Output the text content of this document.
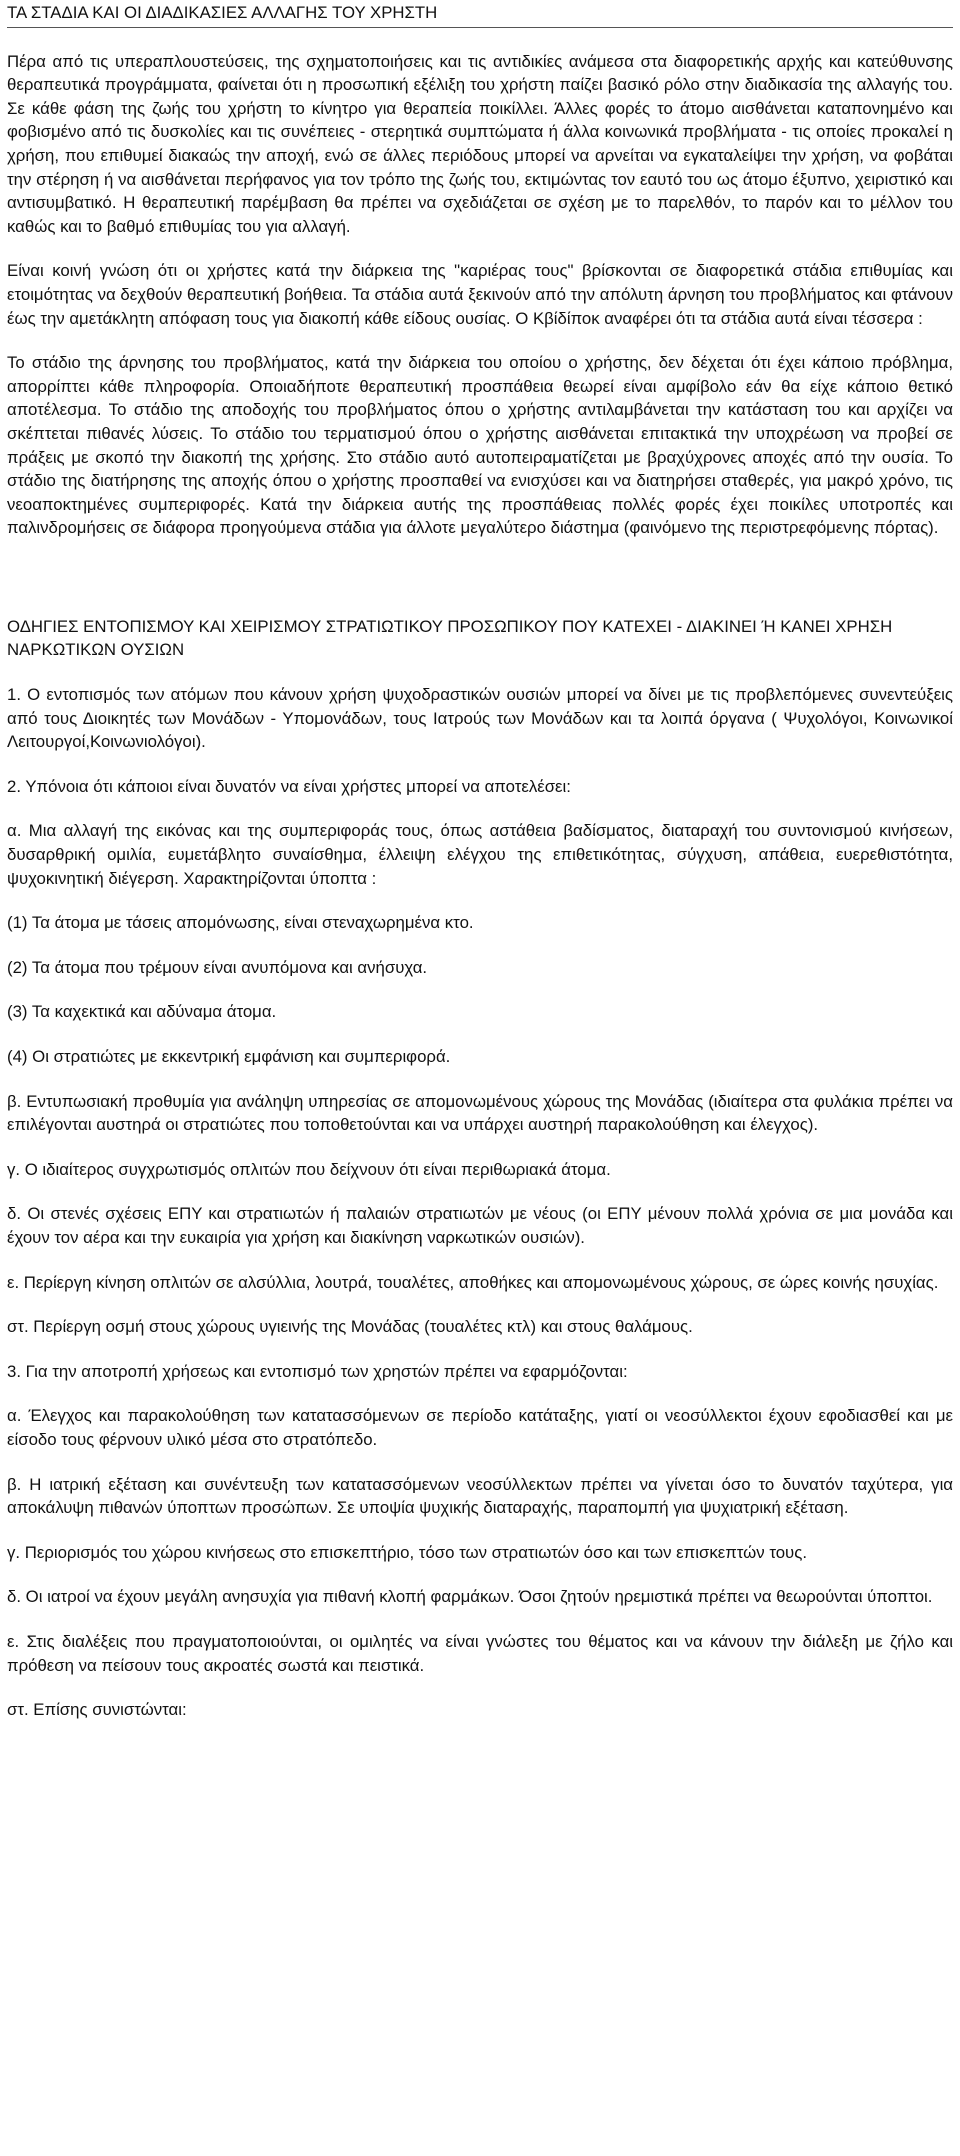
ΤΑ ΣΤΑΔΙΑ ΚΑΙ ΟΙ ΔΙΑΔΙΚΑΣΙΕΣ ΑΛΛΑΓΗΣ ΤΟΥ ΧΡΗΣΤΗ

Πέρα από τις υπεραπλουστεύσεις, της σχηματοποιήσεις και τις αντιδικίες ανάμεσα στα διαφορετικής αρχής και κατεύθυνσης θεραπευτικά προγράμματα, φαίνεται ότι η προσωπική εξέλιξη του χρήστη παίζει βασικό ρόλο στην διαδικασία της αλλαγής του. Σε κάθε φάση της ζωής του χρήστη το κίνητρο για θεραπεία ποικίλλει. Άλλες φορές το άτομο αισθάνεται καταπονημένο και φοβισμένο από τις δυσκολίες και τις συνέπειες - στερητικά συμπτώματα ή άλλα κοινωνικά προβλήματα - τις οποίες προκαλεί η χρήση, που επιθυμεί διακαώς την αποχή, ενώ σε άλλες περιόδους μπορεί να αρνείται να εγκαταλείψει την χρήση, να φοβάται την στέρηση ή να αισθάνεται περήφανος για τον τρόπο της ζωής του, εκτιμώντας τον εαυτό του ως άτομο έξυπνο, χειριστικό και αντισυμβατικό. Η θεραπευτική παρέμβαση θα πρέπει να σχεδιάζεται σε σχέση με το παρελθόν, το παρόν και το μέλλον του καθώς και το βαθμό επιθυμίας του για αλλαγή.

Είναι κοινή γνώση ότι οι χρήστες κατά την διάρκεια της "καριέρας τους" βρίσκονται σε διαφορετικά στάδια επιθυμίας και ετοιμότητας να δεχθούν θεραπευτική βοήθεια. Τα στάδια αυτά ξεκινούν από την απόλυτη άρνηση του προβλήματος και φτάνουν έως την αμετάκλητη απόφαση τους για διακοπή κάθε είδους ουσίας. Ο Κβίδίποκ αναφέρει ότι τα στάδια αυτά είναι τέσσερα :

Το στάδιο της άρνησης του προβλήματος, κατά την διάρκεια του οποίου ο χρήστης, δεν δέχεται ότι έχει κάποιο πρόβλημα, απορρίπτει κάθε πληροφορία. Οποιαδήποτε θεραπευτική προσπάθεια θεωρεί είναι αμφίβολο εάν θα είχε κάποιο θετικό αποτέλεσμα. Το στάδιο της αποδοχής του προβλήματος όπου ο χρήστης αντιλαμβάνεται την κατάσταση του και αρχίζει να σκέπτεται πιθανές λύσεις. Το στάδιο του τερματισμού όπου ο χρήστης αισθάνεται επιτακτικά την υποχρέωση να προβεί σε πράξεις με σκοπό την διακοπή της χρήσης. Στο στάδιο αυτό αυτοπειραματίζεται με βραχύχρονες αποχές από την ουσία. Το στάδιο της διατήρησης της αποχής όπου ο χρήστης προσπαθεί να ενισχύσει και να διατηρήσει σταθερές, για μακρό χρόνο, τις νεοαποκτημένες συμπεριφορές. Κατά την διάρκεια αυτής της προσπάθειας πολλές φορές έχει ποικίλες υποτροπές και παλινδρομήσεις σε διάφορα προηγούμενα στάδια για άλλοτε μεγαλύτερο διάστημα (φαινόμενο της περιστρεφόμενης πόρτας).

ΟΔΗΓΙΕΣ ΕΝΤΟΠΙΣΜΟΥ ΚΑΙ ΧΕΙΡΙΣΜΟΥ ΣΤΡΑΤΙΩΤΙΚΟΥ ΠΡΟΣΩΠΙΚΟΥ ΠΟΥ ΚΑΤΕΧΕΙ - ΔΙΑΚΙΝΕΙ Ή ΚΑΝΕΙ ΧΡΗΣΗ ΝΑΡΚΩΤΙΚΩΝ ΟΥΣΙΩΝ

1. Ο εντοπισμός των ατόμων που κάνουν χρήση ψυχοδραστικών ουσιών μπορεί να δίνει με τις προβλεπόμενες συνεντεύξεις από τους Διοικητές των Μονάδων - Υπομονάδων, τους Ιατρούς των Μονάδων και τα λοιπά όργανα ( Ψυχολόγοι, Κοινωνικοί Λειτουργοί,Κοινωνιολόγοι).

2. Υπόνοια ότι κάποιοι είναι δυνατόν να είναι χρήστες μπορεί να αποτελέσει:

α. Μια αλλαγή της εικόνας και της συμπεριφοράς τους, όπως αστάθεια βαδίσματος, διαταραχή του συντονισμού κινήσεων, δυσαρθρική ομιλία, ευμετάβλητο συναίσθημα, έλλειψη ελέγχου της επιθετικότητας, σύγχυση, απάθεια, ευερεθιστότητα, ψυχοκινητική διέγερση. Χαρακτηρίζονται ύποπτα :

(1) Τα άτομα με τάσεις απομόνωσης, είναι στεναχωρημένα κτο.

(2) Τα άτομα που τρέμουν είναι ανυπόμονα και ανήσυχα.

(3) Τα καχεκτικά και αδύναμα άτομα.

(4) Οι στρατιώτες με εκκεντρική εμφάνιση και συμπεριφορά.

β. Εντυπωσιακή προθυμία για ανάληψη υπηρεσίας σε απομονωμένους χώρους της Μονάδας (ιδιαίτερα στα φυλάκια πρέπει να επιλέγονται αυστηρά οι στρατιώτες που τοποθετούνται και να υπάρχει αυστηρή παρακολούθηση και έλεγχος).

γ. Ο ιδιαίτερος συγχρωτισμός οπλιτών που δείχνουν ότι είναι περιθωριακά άτομα.

δ. Οι στενές σχέσεις ΕΠΥ και στρατιωτών ή παλαιών στρατιωτών με νέους (οι ΕΠΥ μένουν πολλά χρόνια σε μια μονάδα και έχουν τον αέρα και την ευκαιρία για χρήση και διακίνηση ναρκωτικών ουσιών).

ε. Περίεργη κίνηση οπλιτών σε αλσύλλια, λουτρά, τουαλέτες, αποθήκες και απομονωμένους χώρους, σε ώρες κοινής ησυχίας.

στ. Περίεργη οσμή στους χώρους υγιεινής της Μονάδας (τουαλέτες κτλ) και στους θαλάμους.

3. Για την αποτροπή χρήσεως και εντοπισμό των χρηστών πρέπει να εφαρμόζονται:

α. Έλεγχος και παρακολούθηση των κατατασσόμενων σε περίοδο κατάταξης, γιατί οι νεοσύλλεκτοι έχουν εφοδιασθεί και με είσοδο τους φέρνουν υλικό μέσα στο στρατόπεδο.

β. Η ιατρική εξέταση και συνέντευξη των κατατασσόμενων νεοσύλλεκτων πρέπει να γίνεται όσο το δυνατόν ταχύτερα, για αποκάλυψη πιθανών ύποπτων προσώπων. Σε υποψία ψυχικής διαταραχής, παραπομπή για ψυχιατρική εξέταση.

γ. Περιορισμός του χώρου κινήσεως στο επισκεπτήριο, τόσο των στρατιωτών όσο και των επισκεπτών τους.

δ. Οι ιατροί να έχουν μεγάλη ανησυχία για πιθανή κλοπή φαρμάκων. Όσοι ζητούν ηρεμιστικά πρέπει να θεωρούνται ύποπτοι.

ε. Στις διαλέξεις που πραγματοποιούνται, οι ομιλητές να είναι γνώστες του θέματος και να κάνουν την διάλεξη με ζήλο και πρόθεση να πείσουν τους ακροατές σωστά και πειστικά.

στ. Επίσης συνιστώνται:
